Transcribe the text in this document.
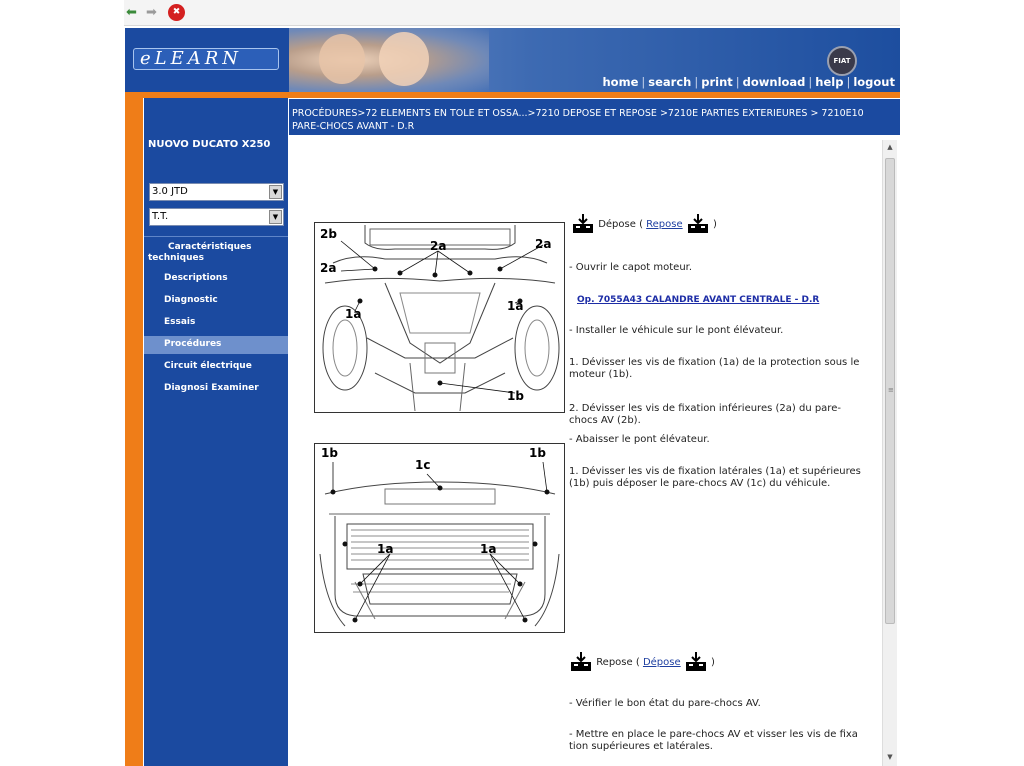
⬅ ➡	✖
eLEARN	FIAT
home | search | print | download | help | logout
PROCÉDURES>72 ELEMENTS EN TOLE ET OSSA...>7210 DEPOSE ET REPOSE >7210E PARTIES EXTERIEURES > 7210E10 PARE-CHOCS AVANT - D.R
NUOVO DUCATO X250
3.0 JTD	▼
T.T.	▼
Caractéristiques
techniques
Descriptions
Diagnostic
Essais
Procédures
Circuit électrique
Diagnosi Examiner
▲
≡
▼
2b
2a	2a
2a
1a
1a
1b
1b
1c
1b
1a	1a
Dépose ( Repose	)
- Ouvrir le capot moteur.
Op. 7055A43 CALANDRE AVANT CENTRALE - D.R
- Installer le véhicule sur le pont élévateur.
1. Dévisser les vis de fixation (1a) de la protection sous le moteur (1b).
2. Dévisser les vis de fixation inférieures (2a) du pare-chocs AV (2b).
- Abaisser le pont élévateur.
1. Dévisser les vis de fixation latérales (1a) et supérieures (1b) puis déposer le pare-chocs AV (1c) du véhicule.
Repose ( Dépose	)
- Vérifier le bon état du pare-chocs AV.
- Mettre en place le pare-chocs AV et visser les vis de fixa tion supérieures et latérales.
